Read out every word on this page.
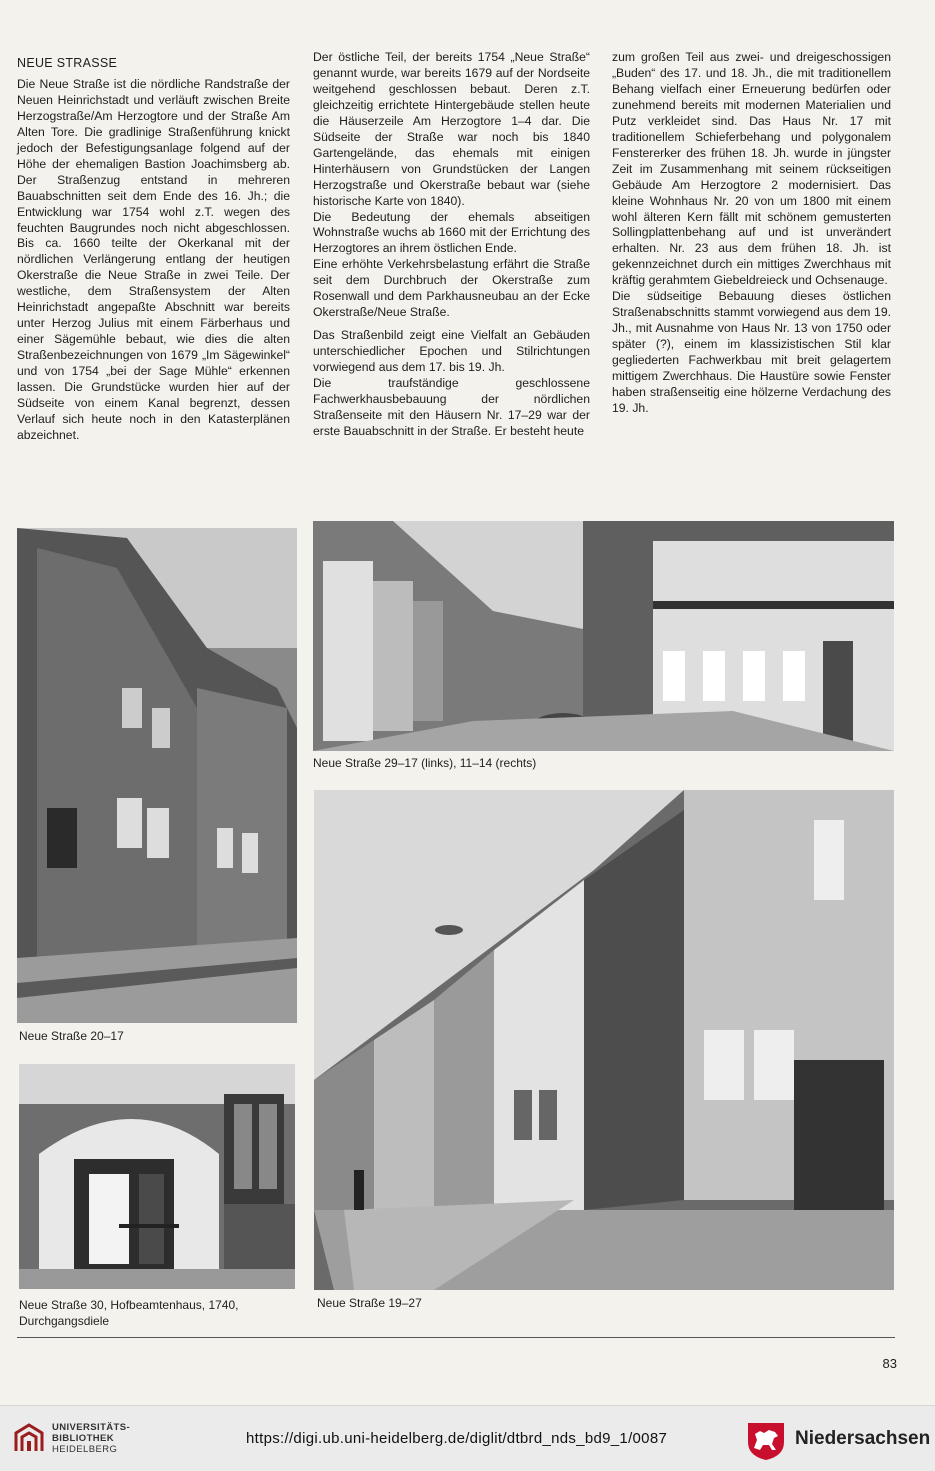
NEUE STRASSE

Die Neue Straße ist die nördliche Randstraße der Neuen Heinrichstadt und verläuft zwischen Breite Herzogstraße/Am Herzogtore und der Straße Am Alten Tore. Die gradlinige Straßenführung knickt jedoch der Befestigungsanlage folgend auf der Höhe der ehemaligen Bastion Joachimsberg ab. Der Straßenzug entstand in mehreren Bauabschnitten seit dem Ende des 16. Jh.; die Entwicklung war 1754 wohl z.T. wegen des feuchten Baugrundes noch nicht abgeschlossen. Bis ca. 1660 teilte der Okerkanal mit der nördlichen Verlängerung entlang der heutigen Okerstraße die Neue Straße in zwei Teile. Der westliche, dem Straßensystem der Alten Heinrichstadt angepaßte Abschnitt war bereits unter Herzog Julius mit einem Färberhaus und einer Sägemühle bebaut, wie dies die alten Straßenbezeichnungen von 1679 „Im Sägewinkel“ und von 1754 „bei der Sage Mühle“ erkennen lassen. Die Grundstücke wurden hier auf der Südseite von einem Kanal begrenzt, dessen Verlauf sich heute noch in den Katasterplänen abzeichnet.

Der östliche Teil, der bereits 1754 „Neue Straße“ genannt wurde, war bereits 1679 auf der Nordseite weitgehend geschlossen bebaut. Deren z.T. gleichzeitig errichtete Hintergebäude stellen heute die Häuserzeile Am Herzogtore 1–4 dar. Die Südseite der Straße war noch bis 1840 Gartengelände, das ehemals mit einigen Hinterhäusern von Grundstücken der Langen Herzogstraße und Okerstraße bebaut war (siehe historische Karte von 1840).

Die Bedeutung der ehemals abseitigen Wohnstraße wuchs ab 1660 mit der Errichtung des Herzogtores an ihrem östlichen Ende.

Eine erhöhte Verkehrsbelastung erfährt die Straße seit dem Durchbruch der Okerstraße zum Rosenwall und dem Parkhausneubau an der Ecke Okerstraße/Neue Straße.

Das Straßenbild zeigt eine Vielfalt an Gebäuden unterschiedlicher Epochen und Stilrichtungen vorwiegend aus dem 17. bis 19. Jh.

Die traufständige geschlossene Fachwerkhausbebauung der nördlichen Straßenseite mit den Häusern Nr. 17–29 war der erste Bauabschnitt in der Straße. Er besteht heute

zum großen Teil aus zwei- und dreigeschossigen „Buden“ des 17. und 18. Jh., die mit traditionellem Behang vielfach einer Erneuerung bedürfen oder zunehmend bereits mit modernen Materialien und Putz verkleidet sind. Das Haus Nr. 17 mit traditionellem Schieferbehang und polygonalem Fenstererker des frühen 18. Jh. wurde in jüngster Zeit im Zusammenhang mit seinem rückseitigen Gebäude Am Herzogtore 2 modernisiert. Das kleine Wohnhaus Nr. 20 von um 1800 mit einem wohl älteren Kern fällt mit schönem gemusterten Sollingplattenbehang auf und ist unverändert erhalten. Nr. 23 aus dem frühen 18. Jh. ist gekennzeichnet durch ein mittiges Zwerchhaus mit kräftig gerahmtem Giebeldreieck und Ochsenauge.

Die südseitige Bebauung dieses östlichen Straßenabschnitts stammt vorwiegend aus dem 19. Jh., mit Ausnahme von Haus Nr. 13 von 1750 oder später (?), einem im klassizistischen Stil klar gegliederten Fachwerkbau mit breit gelagertem mittigem Zwerchhaus. Die Haustüre sowie Fenster haben straßenseitig eine hölzerne Verdachung des 19. Jh.

Neue Straße 20–17
Neue Straße 30, Hofbeamtenhaus, 1740,
Durchgangsdiele
Neue Straße 29–17 (links), 11–14 (rechts)
Neue Straße 19–27
83
UNIVERSITÄTS-
BIBLIOTHEK
HEIDELBERG
https://digi.ub.uni-heidelberg.de/diglit/dtbrd_nds_bd9_1/0087	Niedersachsen
